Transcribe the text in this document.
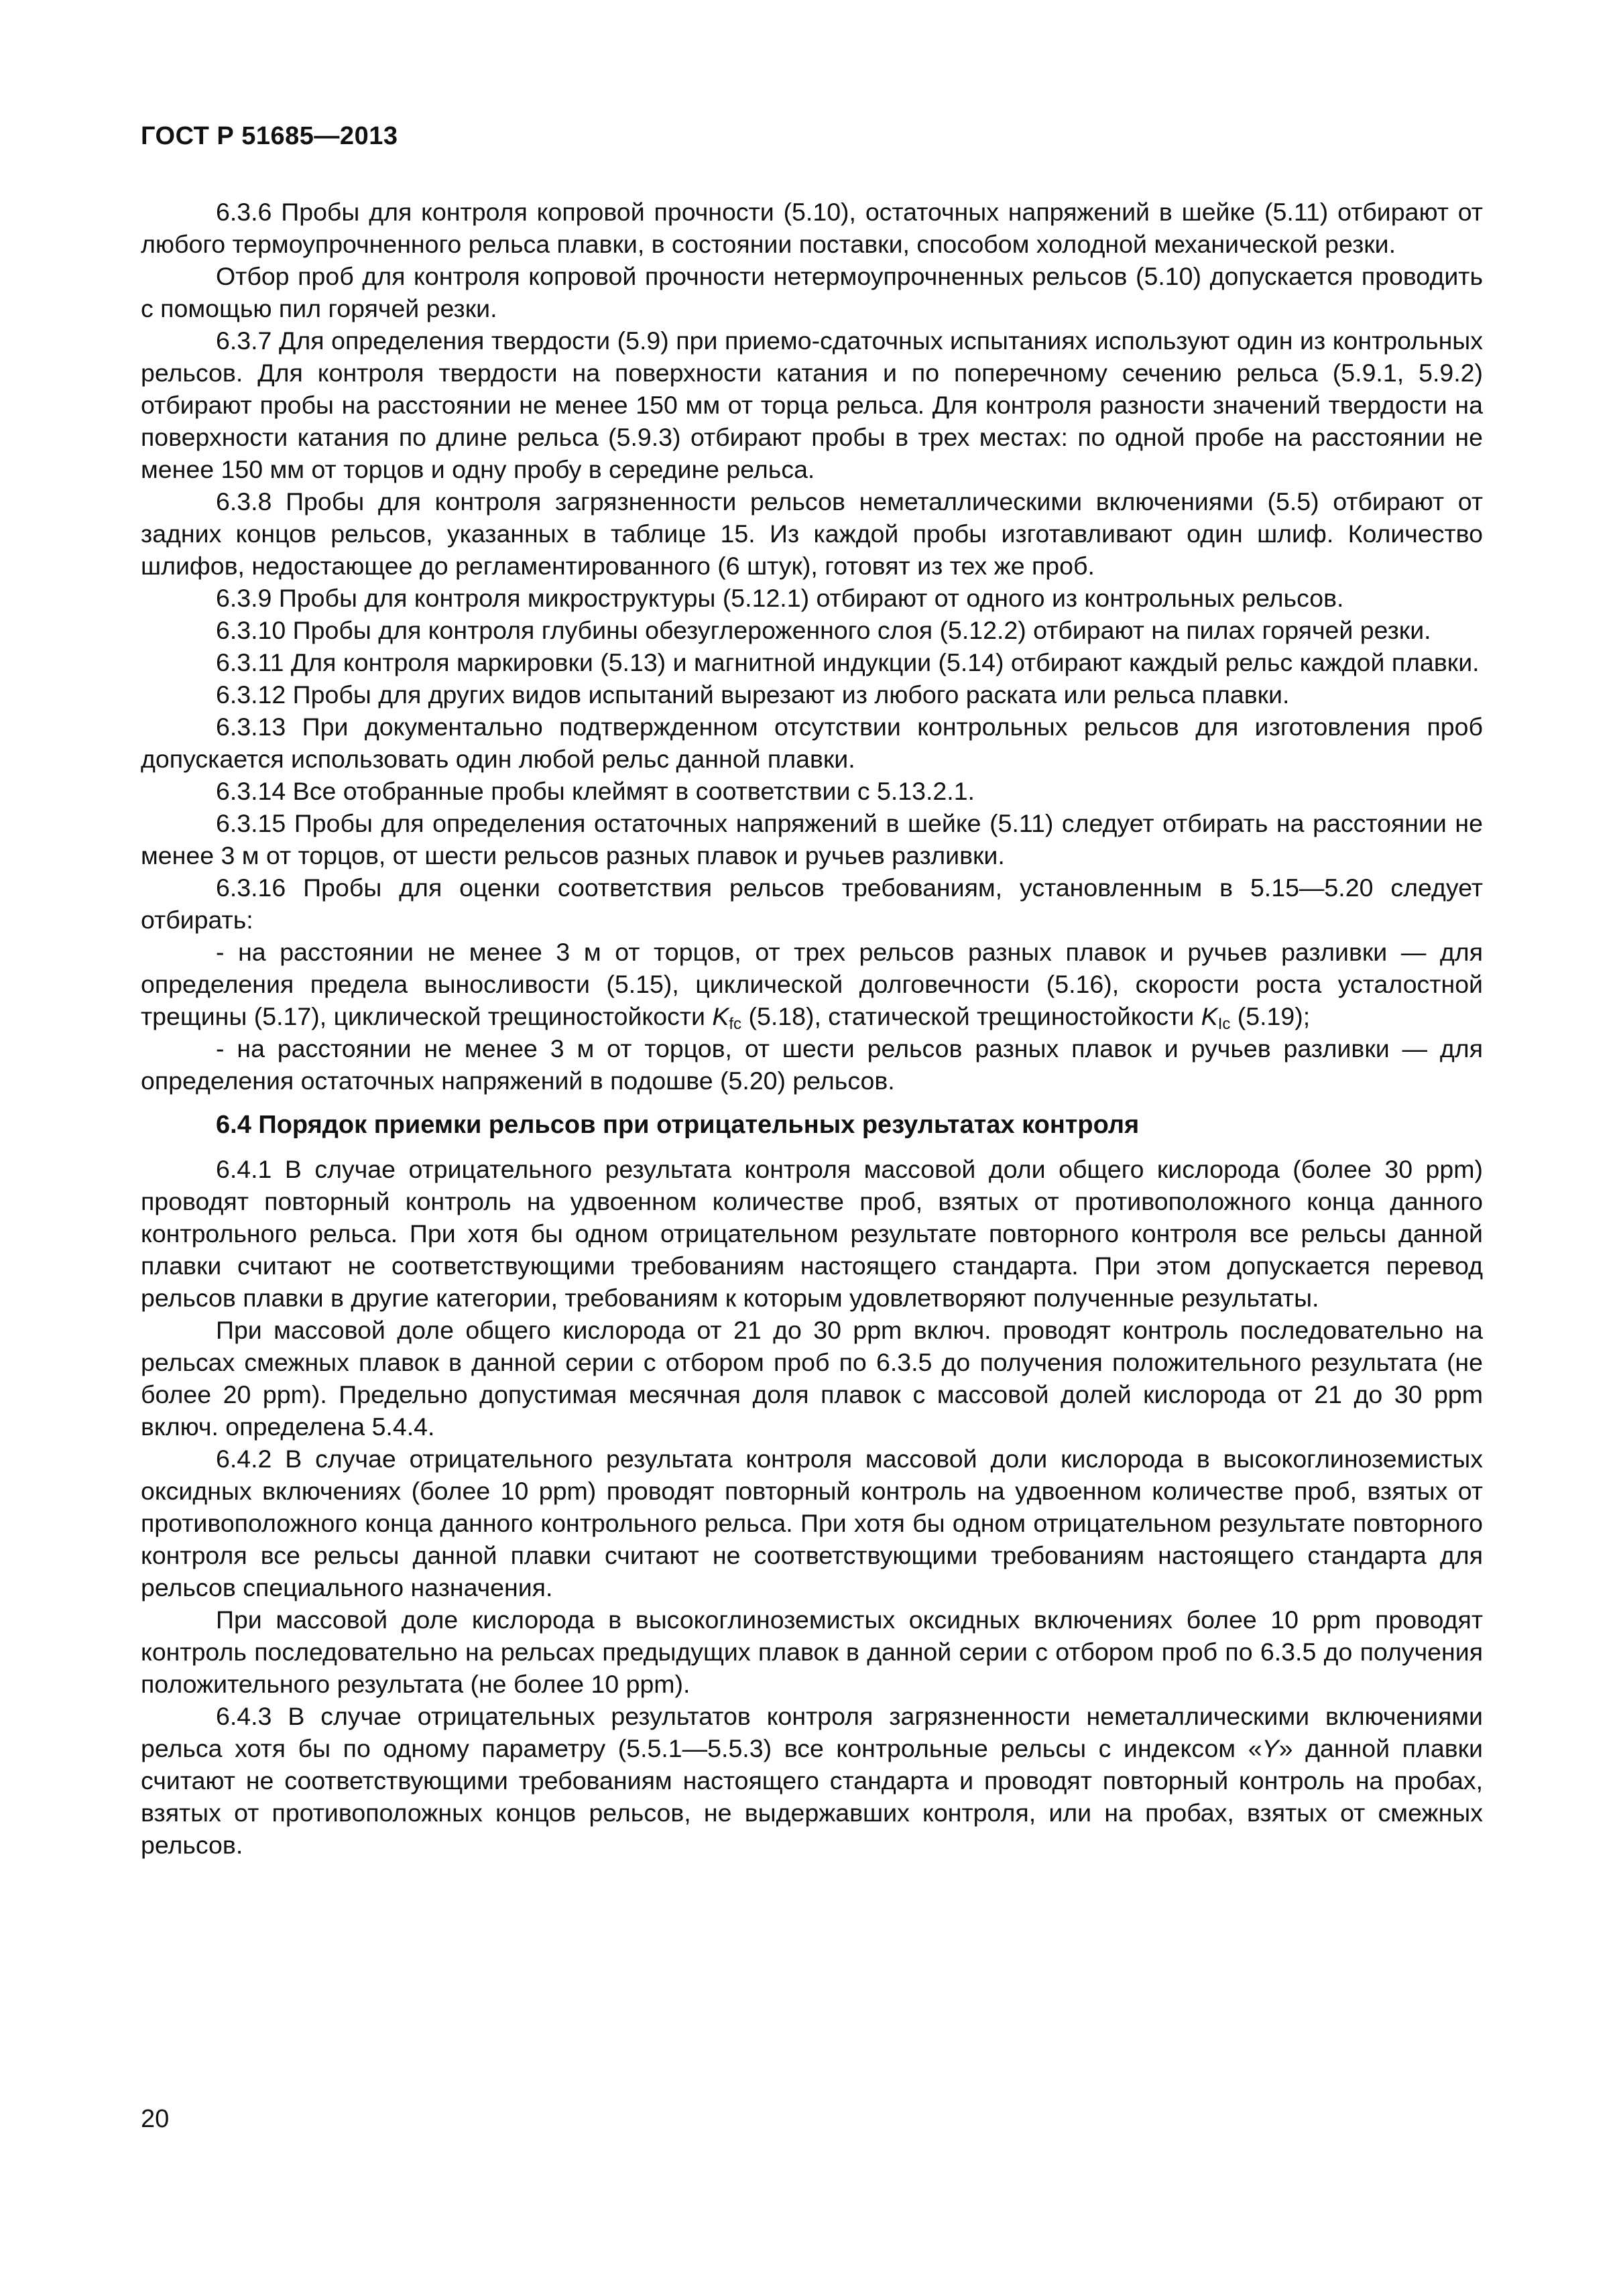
ГОСТ Р 51685—2013

6.3.6 Пробы для контроля копровой прочности (5.10), остаточных напряжений в шейке (5.11) отбирают от любого термоупрочненного рельса плавки, в состоянии поставки, способом холодной механической резки.

Отбор проб для контроля копровой прочности нетермоупрочненных рельсов (5.10) допускается проводить с помощью пил горячей резки.

6.3.7 Для определения твердости (5.9) при приемо-сдаточных испытаниях используют один из контрольных рельсов. Для контроля твердости на поверхности катания и по поперечному сечению рельса (5.9.1, 5.9.2) отбирают пробы на расстоянии не менее 150 мм от торца рельса. Для контроля разности значений твердости на поверхности катания по длине рельса (5.9.3) отбирают пробы в трех местах: по одной пробе на расстоянии не менее 150 мм от торцов и одну пробу в середине рельса.

6.3.8 Пробы для контроля загрязненности рельсов неметаллическими включениями (5.5) отбирают от задних концов рельсов, указанных в таблице 15. Из каждой пробы изготавливают один шлиф. Количество шлифов, недостающее до регламентированного (6 штук), готовят из тех же проб.

6.3.9 Пробы для контроля микроструктуры (5.12.1) отбирают от одного из контрольных рельсов.

6.3.10 Пробы для контроля глубины обезуглероженного слоя (5.12.2) отбирают на пилах горячей резки.

6.3.11 Для контроля маркировки (5.13) и магнитной индукции (5.14) отбирают каждый рельс каждой плавки.

6.3.12 Пробы для других видов испытаний вырезают из любого раската или рельса плавки.

6.3.13 При документально подтвержденном отсутствии контрольных рельсов для изготовления проб допускается использовать один любой рельс данной плавки.

6.3.14 Все отобранные пробы клеймят в соответствии с 5.13.2.1.

6.3.15 Пробы для определения остаточных напряжений в шейке (5.11) следует отбирать на расстоянии не менее 3 м от торцов, от шести рельсов разных плавок и ручьев разливки.

6.3.16 Пробы для оценки соответствия рельсов требованиям, установленным в 5.15—5.20 следует отбирать:

- на расстоянии не менее 3 м от торцов, от трех рельсов разных плавок и ручьев разливки — для определения предела выносливости (5.15), циклической долговечности (5.16), скорости роста усталостной трещины (5.17), циклической трещиностойкости $K_{fc}$ (5.18), статической трещиностойкости $K_{Ic}$ (5.19);

- на расстоянии не менее 3 м от торцов, от шести рельсов разных плавок и ручьев разливки — для определения остаточных напряжений в подошве (5.20) рельсов.

6.4 Порядок приемки рельсов при отрицательных результатах контроля

6.4.1 В случае отрицательного результата контроля массовой доли общего кислорода (более 30 ppm) проводят повторный контроль на удвоенном количестве проб, взятых от противоположного конца данного контрольного рельса. При хотя бы одном отрицательном результате повторного контроля все рельсы данной плавки считают не соответствующими требованиям настоящего стандарта. При этом допускается перевод рельсов плавки в другие категории, требованиям к которым удовлетворяют полученные результаты.

При массовой доле общего кислорода от 21 до 30 ppm включ. проводят контроль последовательно на рельсах смежных плавок в данной серии с отбором проб по 6.3.5 до получения положительного результата (не более 20 ppm). Предельно допустимая месячная доля плавок с массовой долей кислорода от 21 до 30 ppm включ. определена 5.4.4.

6.4.2 В случае отрицательного результата контроля массовой доли кислорода в высокоглиноземистых оксидных включениях (более 10 ppm) проводят повторный контроль на удвоенном количестве проб, взятых от противоположного конца данного контрольного рельса. При хотя бы одном отрицательном результате повторного контроля все рельсы данной плавки считают не соответствующими требованиям настоящего стандарта для рельсов специального назначения.

При массовой доле кислорода в высокоглиноземистых оксидных включениях более 10 ppm проводят контроль последовательно на рельсах предыдущих плавок в данной серии с отбором проб по 6.3.5 до получения положительного результата (не более 10 ppm).

6.4.3 В случае отрицательных результатов контроля загрязненности неметаллическими включениями рельса хотя бы по одному параметру (5.5.1—5.5.3) все контрольные рельсы с индексом «Y» данной плавки считают не соответствующими требованиям настоящего стандарта и проводят повторный контроль на пробах, взятых от противоположных концов рельсов, не выдержавших контроля, или на пробах, взятых от смежных рельсов.

20
